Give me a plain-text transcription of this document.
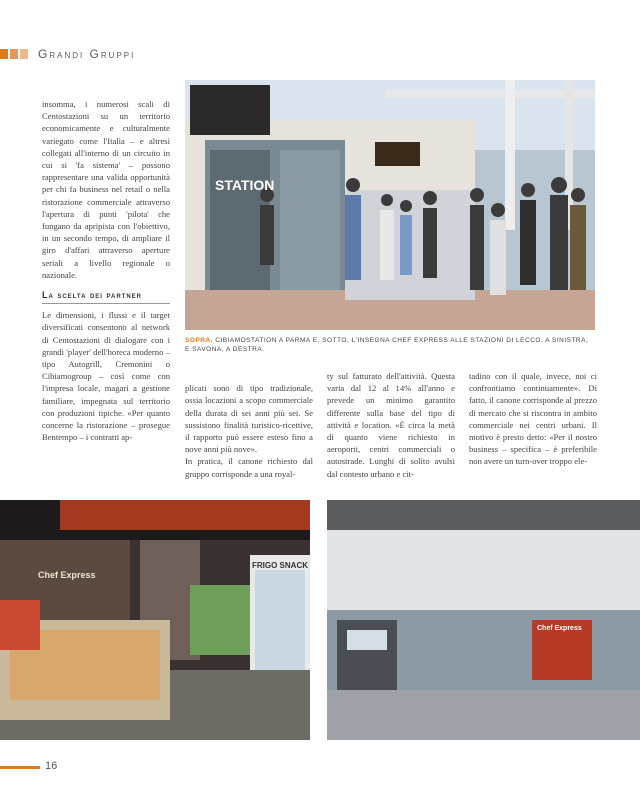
Grandi Gruppi

insomma, i numerosi scali di Centostazioni su un territorio economicamente e culturalmente variegato come l'Italia – e altresì collegati all'interno di un circuito in cui si 'fa sistema' – possono rappresentare una valida opportunità per chi fa business nel retail o nella ristorazione commerciale attraverso l'apertura di punti 'pilota' che fungano da apripista con l'obiettivo, in un secondo tempo, di ampliare il giro d'affari attraverso aperture seriali a livello regionale o nazionale.

La scelta dei partner

Le dimensioni, i flussi e il target diversificati consentono al network di Centostazioni di dialogare con i grandi 'player' dell'horeca moderno – tipo Autogrill, Cremonini o Cibiamogroup – così come con l'impresa locale, magari a gestione familiare, impegnata sul territorio con produzioni tipiche. «Per quanto concerne la ristorazione – prosegue Bentempo – i contratti ap-

STATION
SOPRA, CIBIAMOSTATION A PARMA E, SOTTO, L'INSEGNA CHEF EXPRESS ALLE STAZIONI DI LECCO, A SINISTRA, E SAVONA, A DESTRA.

plicati sono di tipo tradizionale, ossia locazioni a scopo commerciale della durata di sei anni più sei. Se sussistono finalità turistico-ricettive, il rapporto può essere esteso fino a nove anni più nove».
In pratica, il canone richiesto dal gruppo corrisponde a una royal-

ty sul fatturato dell'attività. Questa varia dal 12 al 14% all'anno e prevede un minimo garantito differente sulla base del tipo di attività e location. «È circa la metà di quanto viene richiesto in aeroporti, centri commerciali o autostrade. Lunghi di solito avulsi dal contesto urbano e cit-

tadino con il quale, invece, noi ci confrontiamo continuamente». Di fatto, il canone corrisponde al prezzo di mercato che si riscontra in ambito commerciale nei centri urbani. Il motivo è presto detto: «Per il nostro business – specifica – è preferibile non avere un turn-over troppo ele-

Chef Express
FRIGO SNACK
Chef Express
16
